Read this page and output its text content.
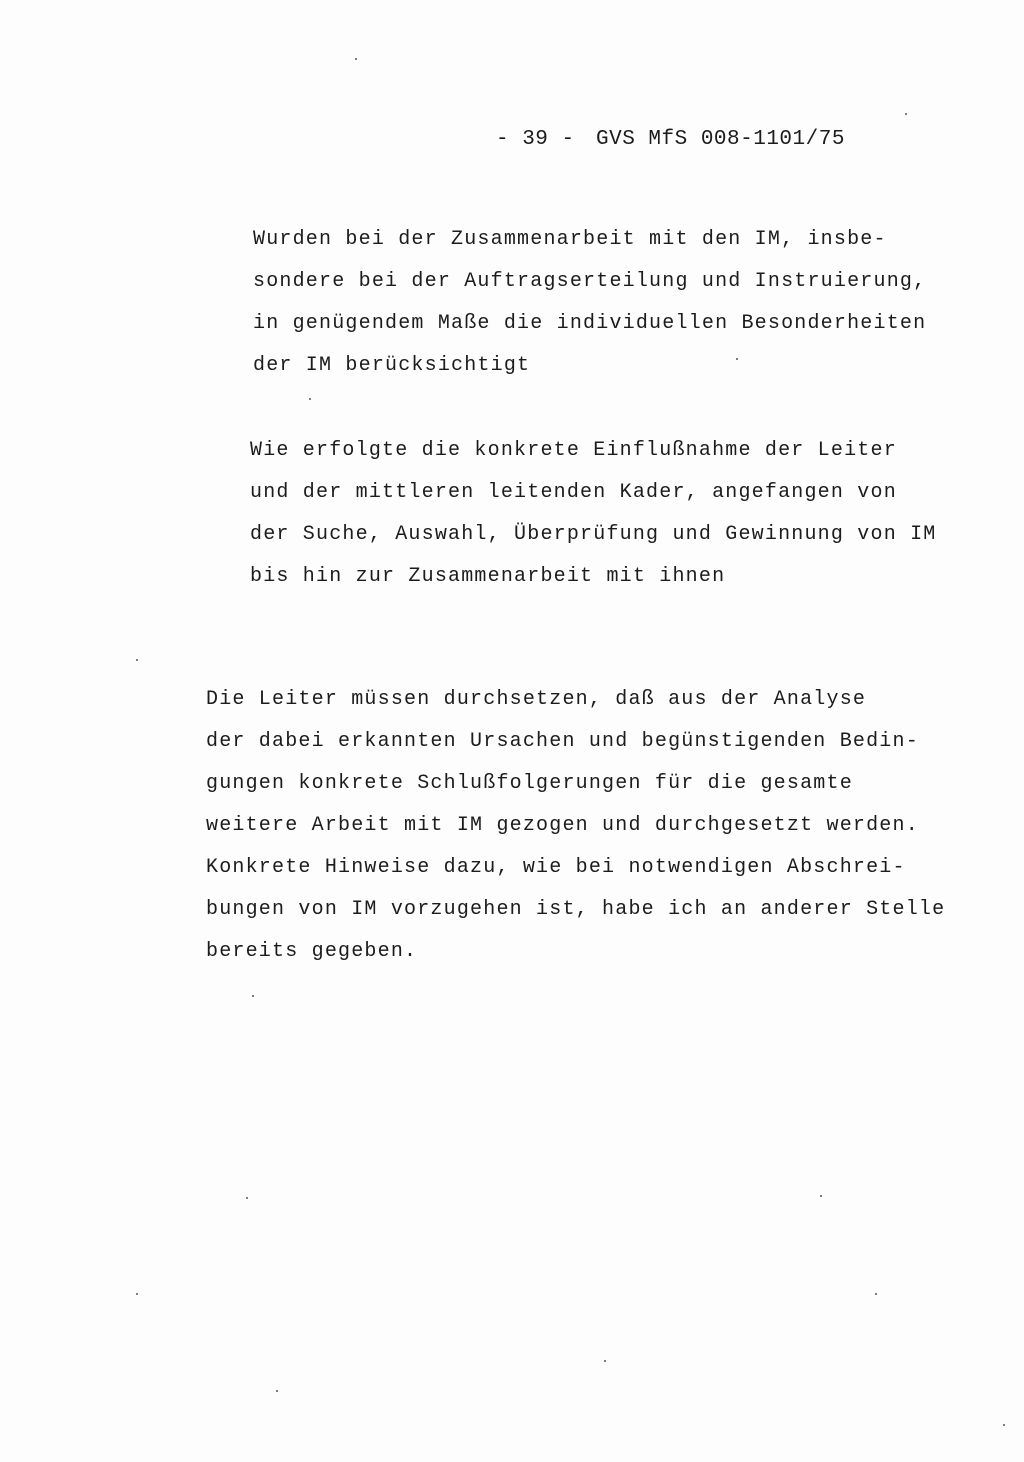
- 39 - GVS MfS 008-1101/75
Wurden bei der Zusammenarbeit mit den IM, insbe-
sondere bei der Auftragserteilung und Instruierung,
in genügendem Maße die individuellen Besonderheiten
der IM berücksichtigt
Wie erfolgte die konkrete Einflußnahme der Leiter
und der mittleren leitenden Kader, angefangen von
der Suche, Auswahl, Überprüfung und Gewinnung von IM
bis hin zur Zusammenarbeit mit ihnen
Die Leiter müssen durchsetzen, daß aus der Analyse
der dabei erkannten Ursachen und begünstigenden Bedin-
gungen konkrete Schlußfolgerungen für die gesamte
weitere Arbeit mit IM gezogen und durchgesetzt werden.
Konkrete Hinweise dazu, wie bei notwendigen Abschrei-
bungen von IM vorzugehen ist, habe ich an anderer Stelle
bereits gegeben.
